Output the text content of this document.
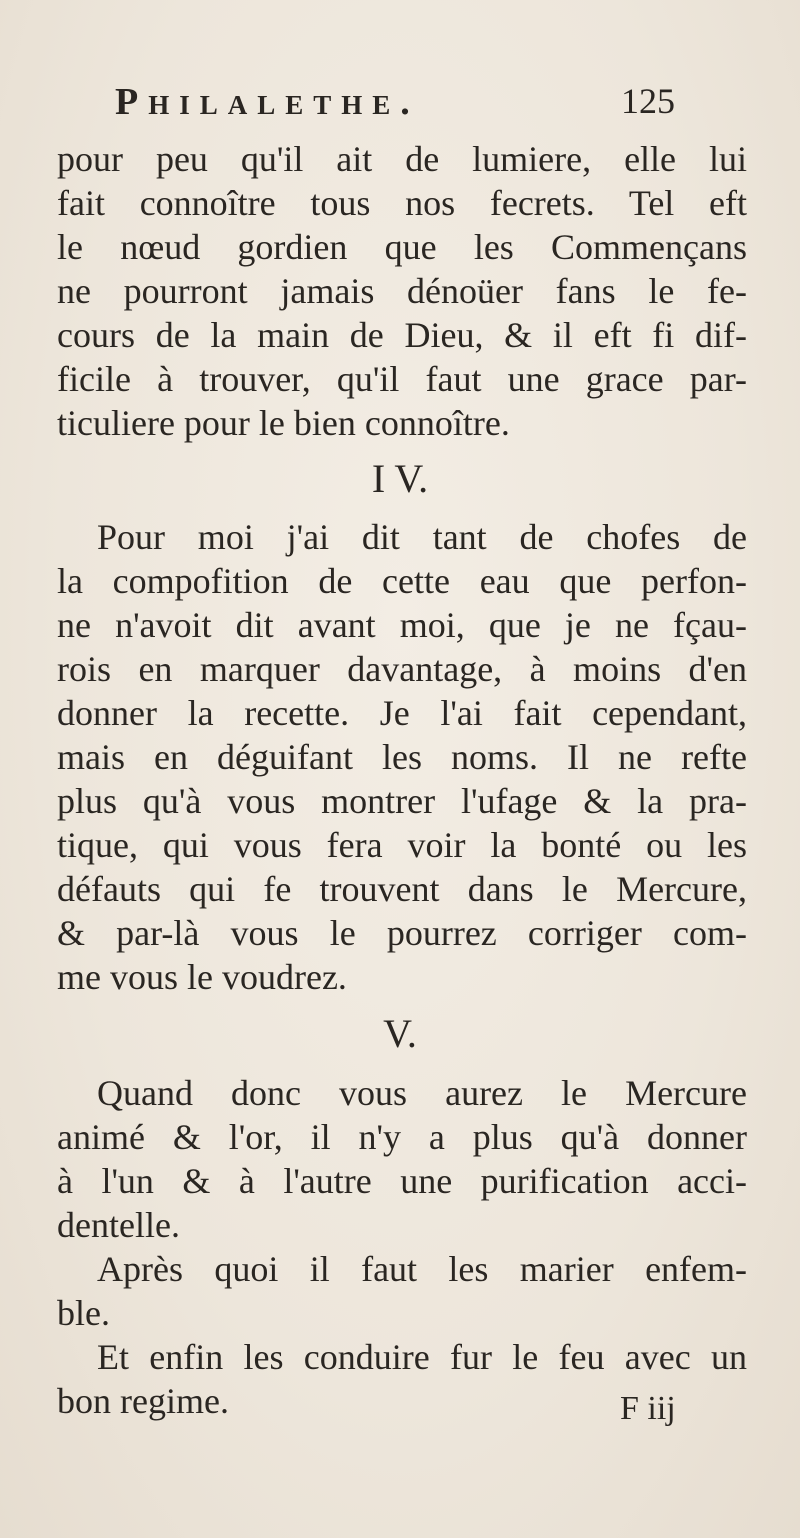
Philalethe.	125
pour peu qu'il ait de lumiere, elle lui
fait connoître tous nos fecrets. Tel eft
le nœud gordien que les Commençans
ne pourront jamais dénoüer fans le fe-
cours de la main de Dieu, & il eft fi dif-
ficile à trouver, qu'il faut une grace par-
ticuliere pour le bien connoître.
I V.
Pour moi j'ai dit tant de chofes de
la compofition de cette eau que perfon-
ne n'avoit dit avant moi, que je ne fçau-
rois en marquer davantage, à moins d'en
donner la recette. Je l'ai fait cependant,
mais en déguifant les noms. Il ne refte
plus qu'à vous montrer l'ufage & la pra-
tique, qui vous fera voir la bonté ou les
défauts qui fe trouvent dans le Mercure,
& par-là vous le pourrez corriger com-
me vous le voudrez.
V.
Quand donc vous aurez le Mercure
animé & l'or, il n'y a plus qu'à donner
à l'un & à l'autre une purification acci-
dentelle.
Après quoi il faut les marier enfem-
ble.
Et enfin les conduire fur le feu avec un
bon regime.	F iij
